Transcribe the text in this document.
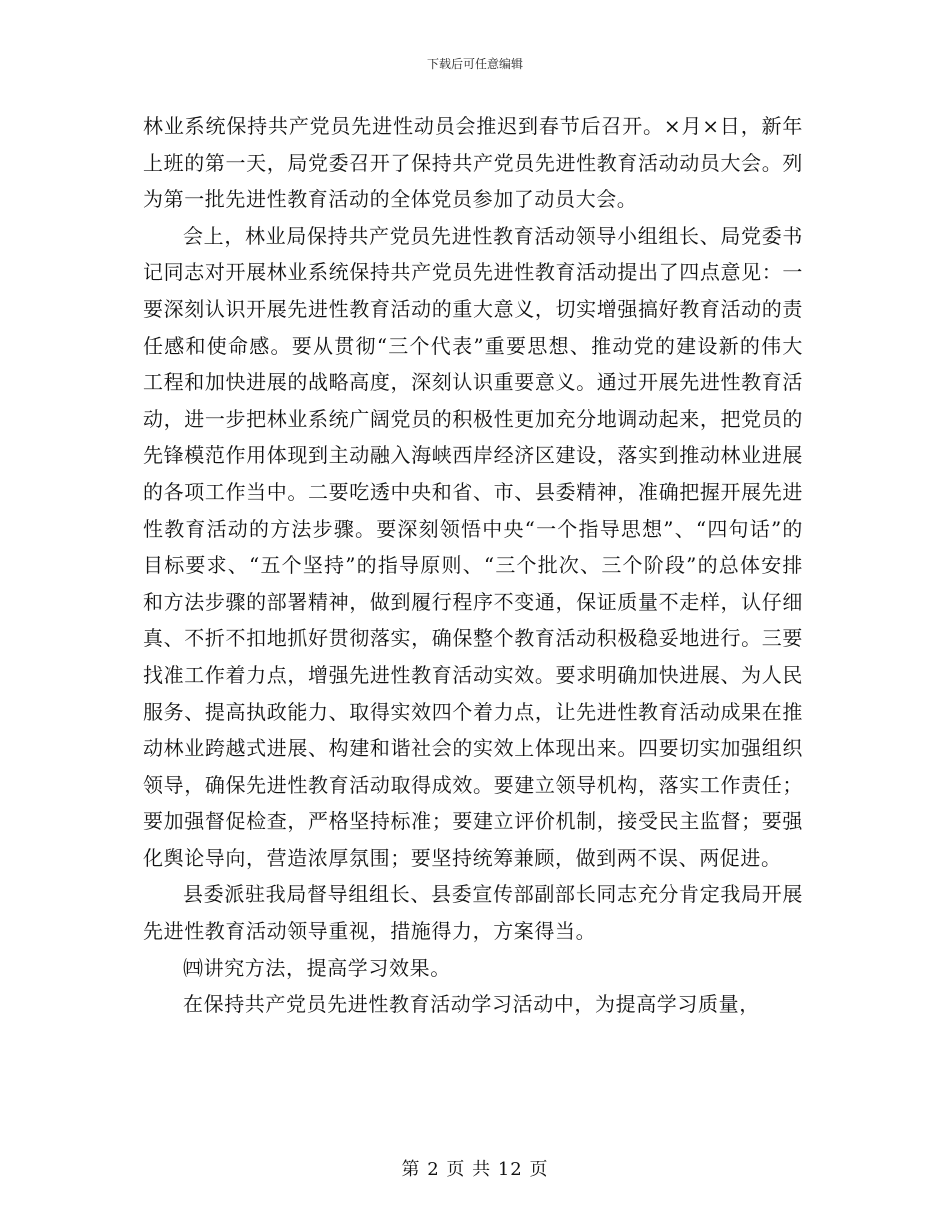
下载后可任意编辑

林业系统保持共产党员先进性动员会推迟到春节后召开。×月×日，新年上班的第一天，局党委召开了保持共产党员先进性教育活动动员大会。列为第一批先进性教育活动的全体党员参加了动员大会。

会上，林业局保持共产党员先进性教育活动领导小组组长、局党委书记同志对开展林业系统保持共产党员先进性教育活动提出了四点意见：一要深刻认识开展先进性教育活动的重大意义，切实增强搞好教育活动的责任感和使命感。要从贯彻“三个代表”重要思想、推动党的建设新的伟大工程和加快进展的战略高度，深刻认识重要意义。通过开展先进性教育活动，进一步把林业系统广阔党员的积极性更加充分地调动起来，把党员的先锋模范作用体现到主动融入海峡西岸经济区建设，落实到推动林业进展的各项工作当中。二要吃透中央和省、市、县委精神，准确把握开展先进性教育活动的方法步骤。要深刻领悟中央“一个指导思想”、“四句话”的目标要求、“五个坚持”的指导原则、“三个批次、三个阶段”的总体安排和方法步骤的部署精神，做到履行程序不变通，保证质量不走样，认仔细真、不折不扣地抓好贯彻落实，确保整个教育活动积极稳妥地进行。三要找准工作着力点，增强先进性教育活动实效。要求明确加快进展、为人民服务、提高执政能力、取得实效四个着力点，让先进性教育活动成果在推动林业跨越式进展、构建和谐社会的实效上体现出来。四要切实加强组织领导，确保先进性教育活动取得成效。要建立领导机构，落实工作责任；要加强督促检查，严格坚持标准；要建立评价机制，接受民主监督；要强化舆论导向，营造浓厚氛围；要坚持统筹兼顾，做到两不误、两促进。

县委派驻我局督导组组长、县委宣传部副部长同志充分肯定我局开展先进性教育活动领导重视，措施得力，方案得当。

㈣讲究方法，提高学习效果。

在保持共产党员先进性教育活动学习活动中，为提高学习质量，

第 2 页 共 12 页
